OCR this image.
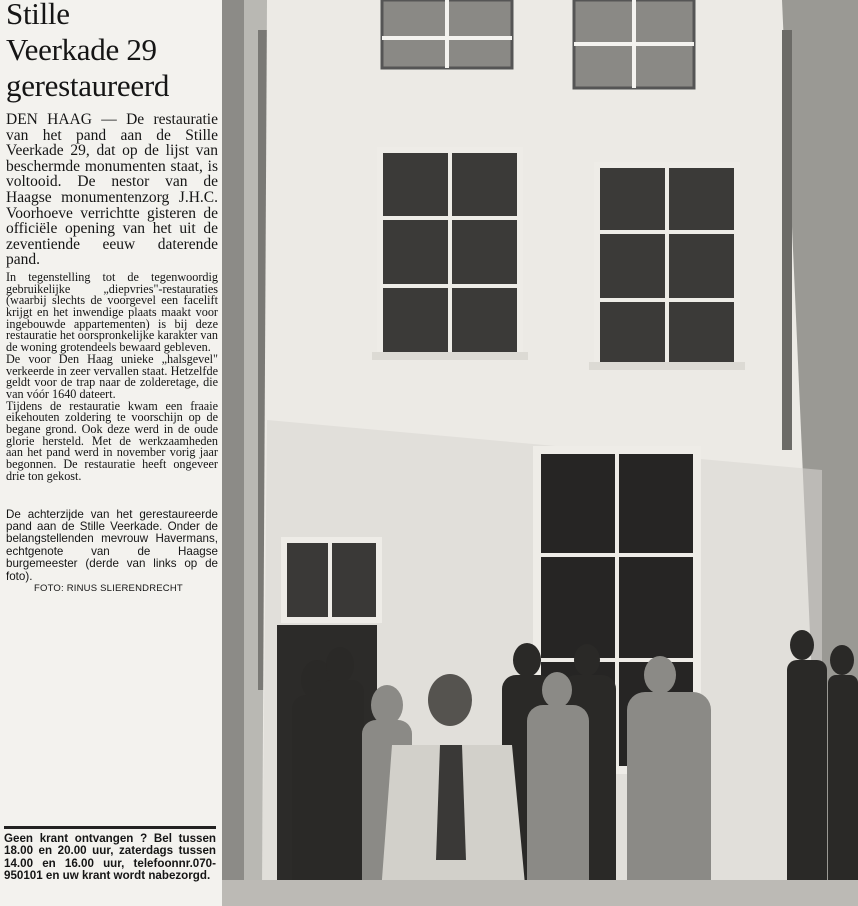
Stille
Veerkade 29
gerestaureerd

DEN HAAG — De restauratie van het pand aan de Stille Veerkade 29, dat op de lijst van beschermde monumenten staat, is voltooid. De nestor van de Haagse monumentenzorg J.H.C. Voorhoeve verrichtte gisteren de officiële opening van het uit de zeventiende eeuw daterende pand.

In tegenstelling tot de tegenwoordig gebruikelijke „diepvries"-restauraties (waarbij slechts de voorgevel een facelift krijgt en het inwendige plaats maakt voor ingebouwde appartementen) is bij deze restauratie het oorspronkelijke karakter van de woning grotendeels bewaard gebleven.

De voor Den Haag unieke „halsgevel" verkeerde in zeer vervallen staat. Hetzelfde geldt voor de trap naar de zolderetage, die van vóór 1640 dateert.

Tijdens de restauratie kwam een fraaie eikehouten zoldering te voorschijn op de begane grond. Ook deze werd in de oude glorie hersteld. Met de werkzaamheden aan het pand werd in november vorig jaar begonnen. De restauratie heeft ongeveer drie ton gekost.

De achterzijde van het gerestaureerde pand aan de Stille Veerkade. Onder de belangstellenden mevrouw Havermans, echtgenote van de Haagse burgemeester (derde van links op de foto).

FOTO: RINUS SLIERENDRECHT

Geen krant ontvangen ? Bel tussen 18.00 en 20.00 uur, zaterdags tussen 14.00 en 16.00 uur, telefoonnr.070-950101 en uw krant wordt nabezorgd.
